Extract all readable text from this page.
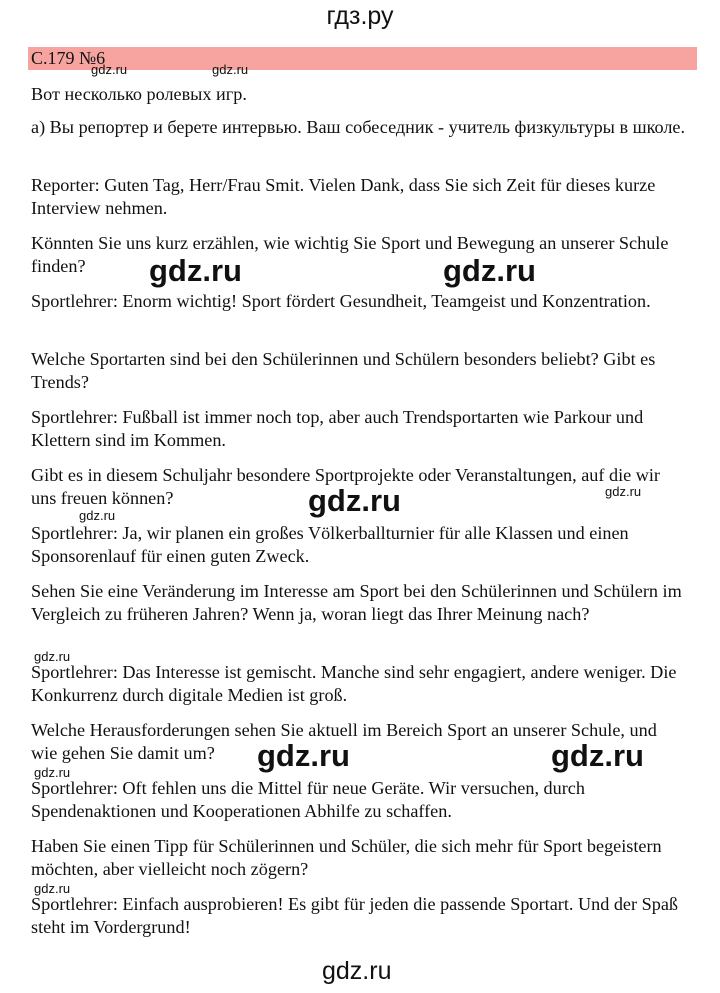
гдз.ру
С.179 №6

Вот несколько ролевых игр.

а) Вы репортер и берете интервью. Ваш собеседник - учитель физкультуры в школе.

Reporter: Guten Tag, Herr/Frau Smit. Vielen Dank, dass Sie sich Zeit für dieses kurze Interview nehmen.

Könnten Sie uns kurz erzählen, wie wichtig Sie Sport und Bewegung an unserer Schule finden?

Sportlehrer: Enorm wichtig! Sport fördert Gesundheit, Teamgeist und Konzentration.

Welche Sportarten sind bei den Schülerinnen und Schülern besonders beliebt? Gibt es Trends?

Sportlehrer: Fußball ist immer noch top, aber auch Trendsportarten wie Parkour und Klettern sind im Kommen.

Gibt es in diesem Schuljahr besondere Sportprojekte oder Veranstaltungen, auf die wir uns freuen können?

Sportlehrer: Ja, wir planen ein großes Völkerballturnier für alle Klassen und einen Sponsorenlauf für einen guten Zweck.

Sehen Sie eine Veränderung im Interesse am Sport bei den Schülerinnen und Schülern im Vergleich zu früheren Jahren? Wenn ja, woran liegt das Ihrer Meinung nach?

Sportlehrer: Das Interesse ist gemischt. Manche sind sehr engagiert, andere weniger. Die Konkurrenz durch digitale Medien ist groß.

Welche Herausforderungen sehen Sie aktuell im Bereich Sport an unserer Schule, und wie gehen Sie damit um?

Sportlehrer: Oft fehlen uns die Mittel für neue Geräte. Wir versuchen, durch Spendenaktionen und Kooperationen Abhilfe zu schaffen.

Haben Sie einen Tipp für Schülerinnen und Schüler, die sich mehr für Sport begeistern möchten, aber vielleicht noch zögern?

Sportlehrer: Einfach ausprobieren! Es gibt für jeden die passende Sportart. Und der Spaß steht im Vordergrund!

gdz.ru	gdz.ru
gdz.ru	gdz.ru
gdz.ru	gdz.ru
gdz.ru
gdz.ru
gdz.ru	gdz.ru
gdz.ru
gdz.ru
gdz.ru
